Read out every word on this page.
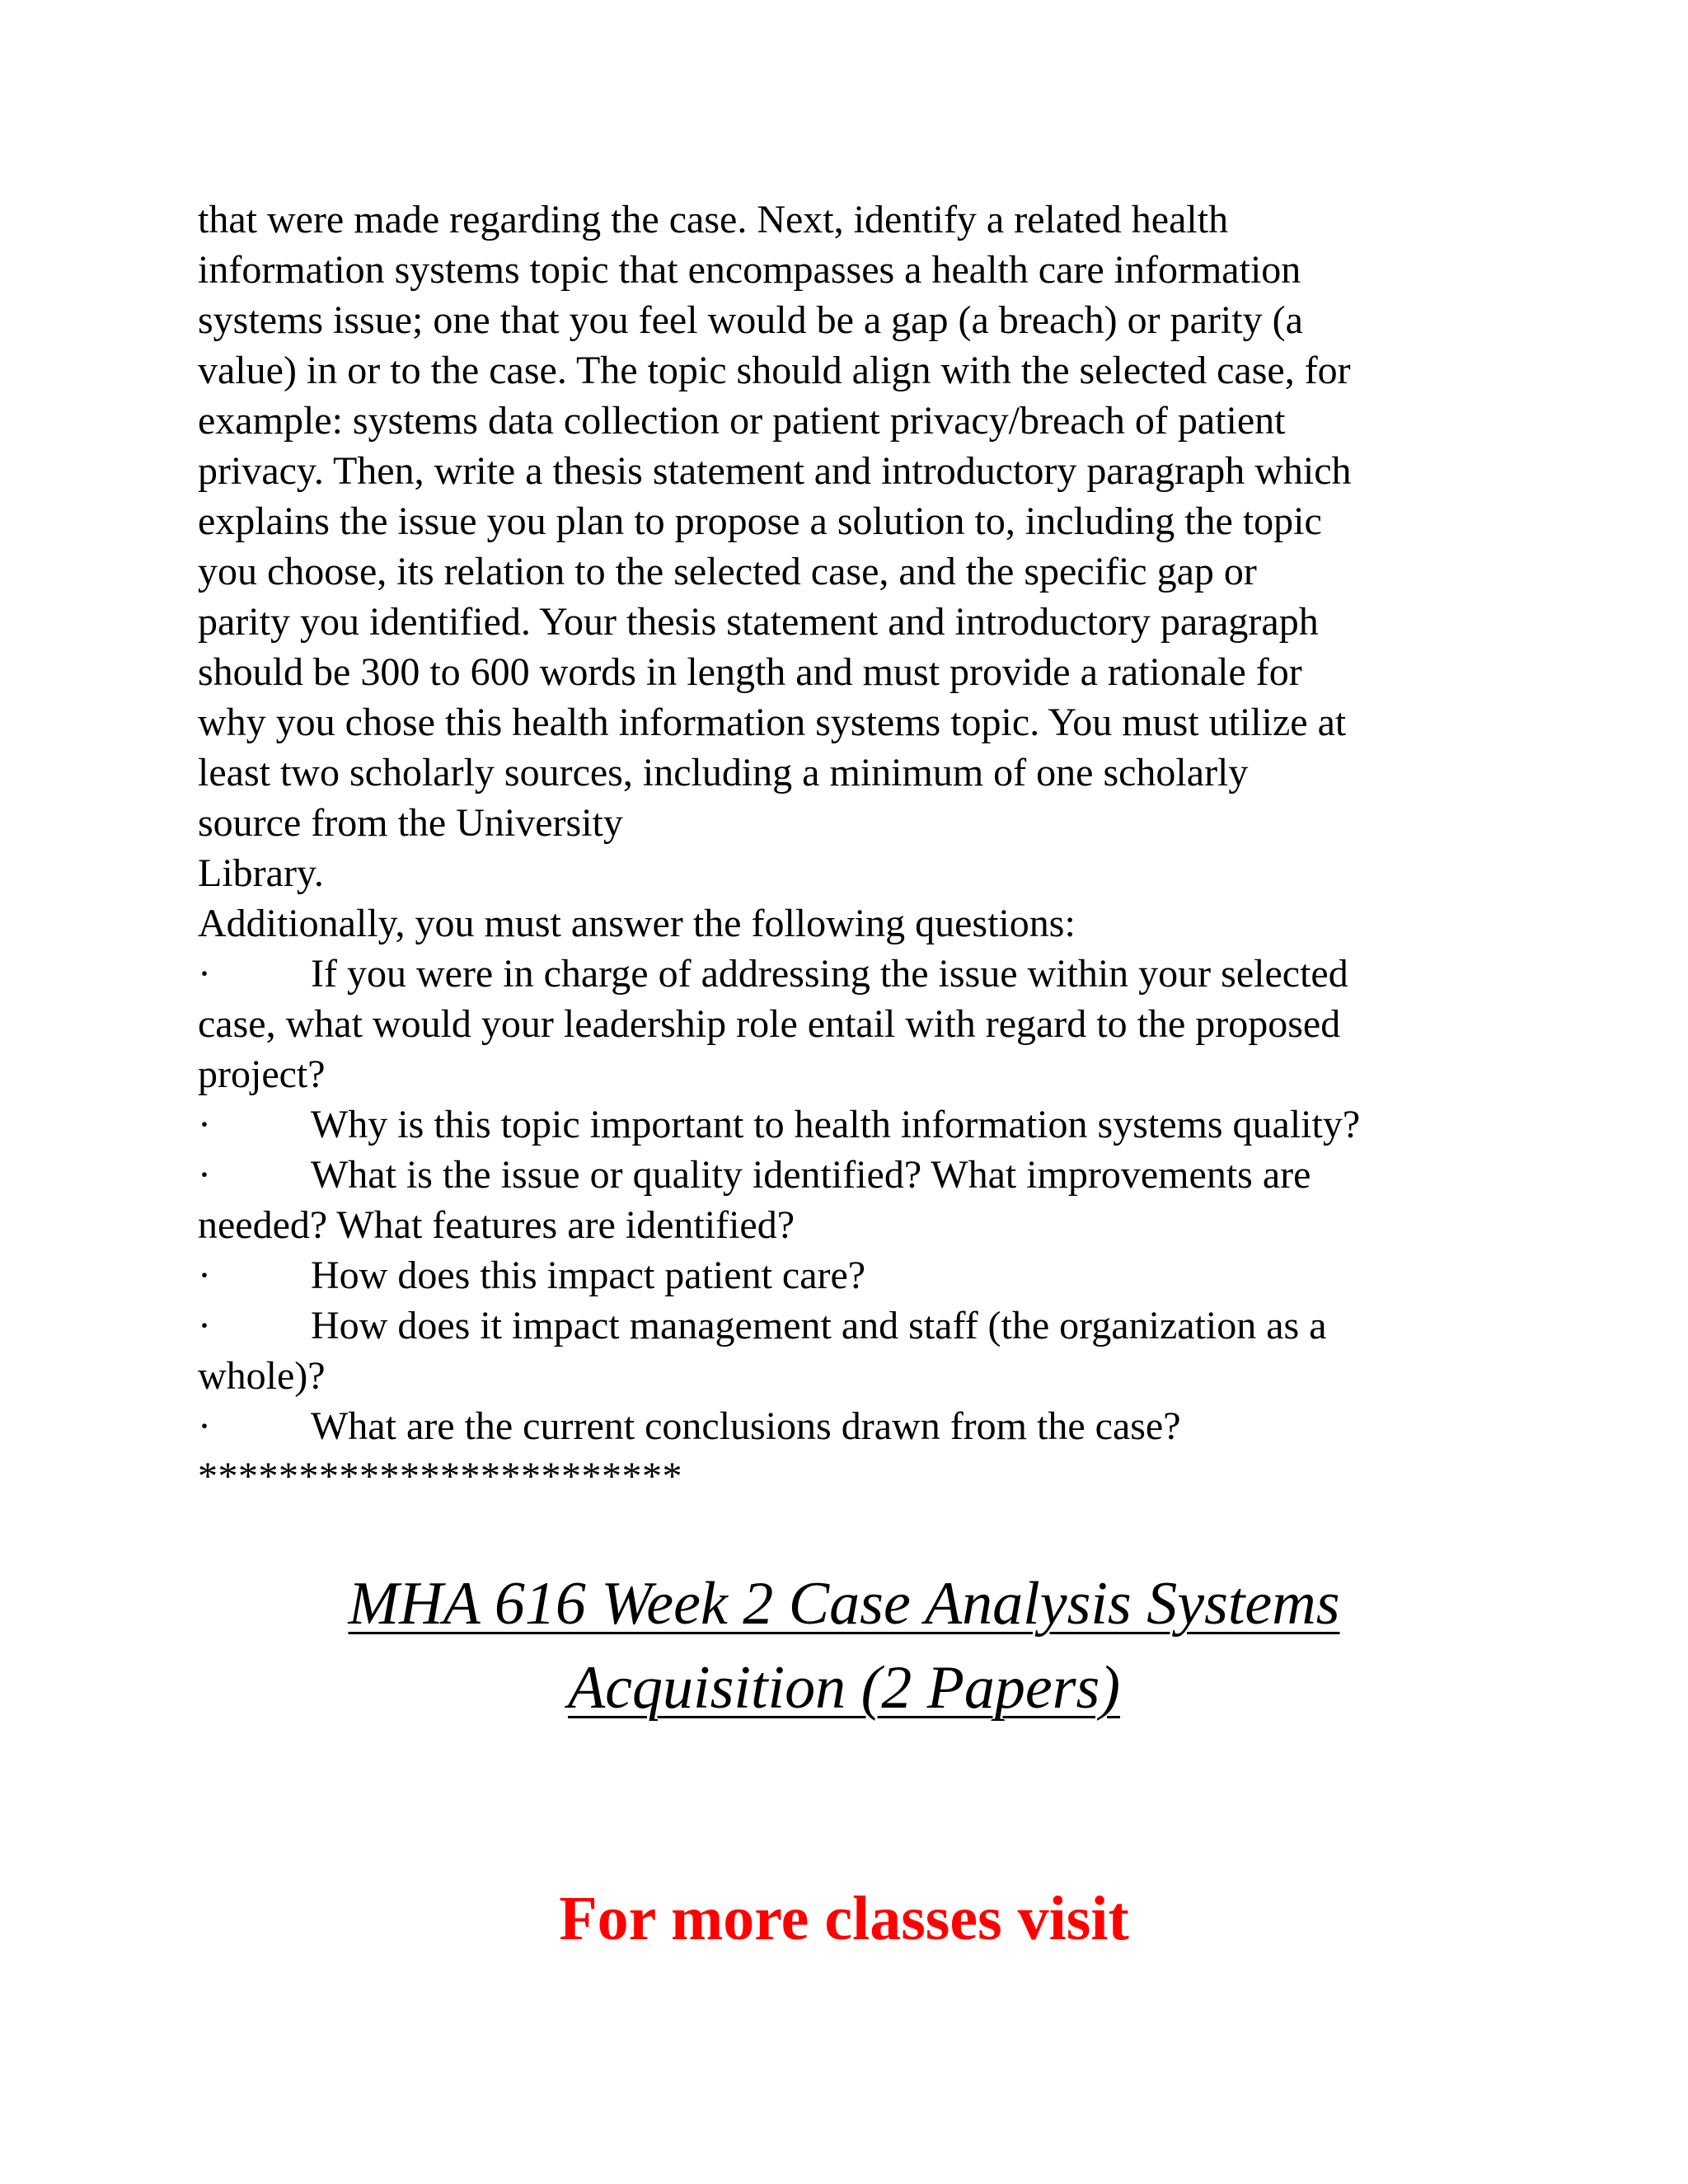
that were made regarding the case. Next, identify a related health
information systems topic that encompasses a health care information
systems issue; one that you feel would be a gap (a breach) or parity (a
value) in or to the case. The topic should align with the selected case, for
example: systems data collection or patient privacy/breach of patient
privacy. Then, write a thesis statement and introductory paragraph which
explains the issue you plan to propose a solution to, including the topic
you choose, its relation to the selected case, and the specific gap or
parity you identified. Your thesis statement and introductory paragraph
should be 300 to 600 words in length and must provide a rationale for
why you chose this health information systems topic. You must utilize at
least two scholarly sources, including a minimum of one scholarly
source from the University
Library.
Additionally, you must answer the following questions:
·	If you were in charge of addressing the issue within your selected
case, what would your leadership role entail with regard to the proposed
project?
·	Why is this topic important to health information systems quality?
·	What is the issue or quality identified? What improvements are
needed? What features are identified?
·	How does this impact patient care?
·	How does it impact management and staff (the organization as a
whole)?
·	What are the current conclusions drawn from the case?
************************
MHA 616 Week 2 Case Analysis Systems
Acquisition (2 Papers)
For more classes visit
